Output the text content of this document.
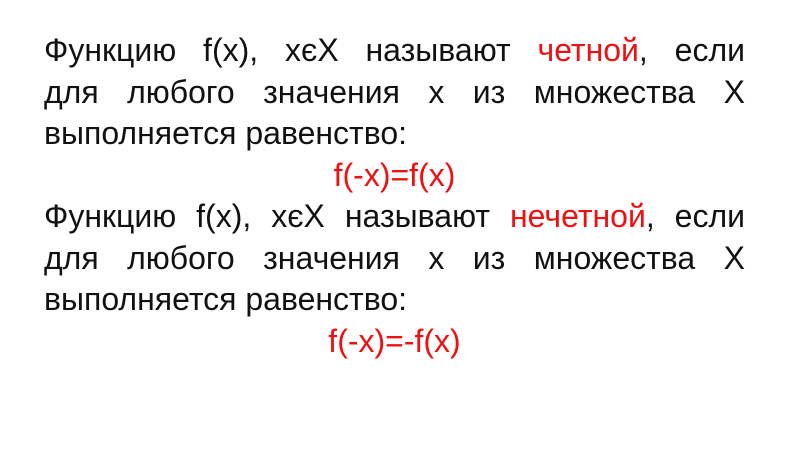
Функцию f(x), хєХ называют четной, если
для любого значения х из множества Х
выполняется равенство:
f(-x)=f(x)
Функцию f(x), хєХ называют нечетной, если
для любого значения х из множества Х
выполняется равенство:
f(-x)=-f(x)
